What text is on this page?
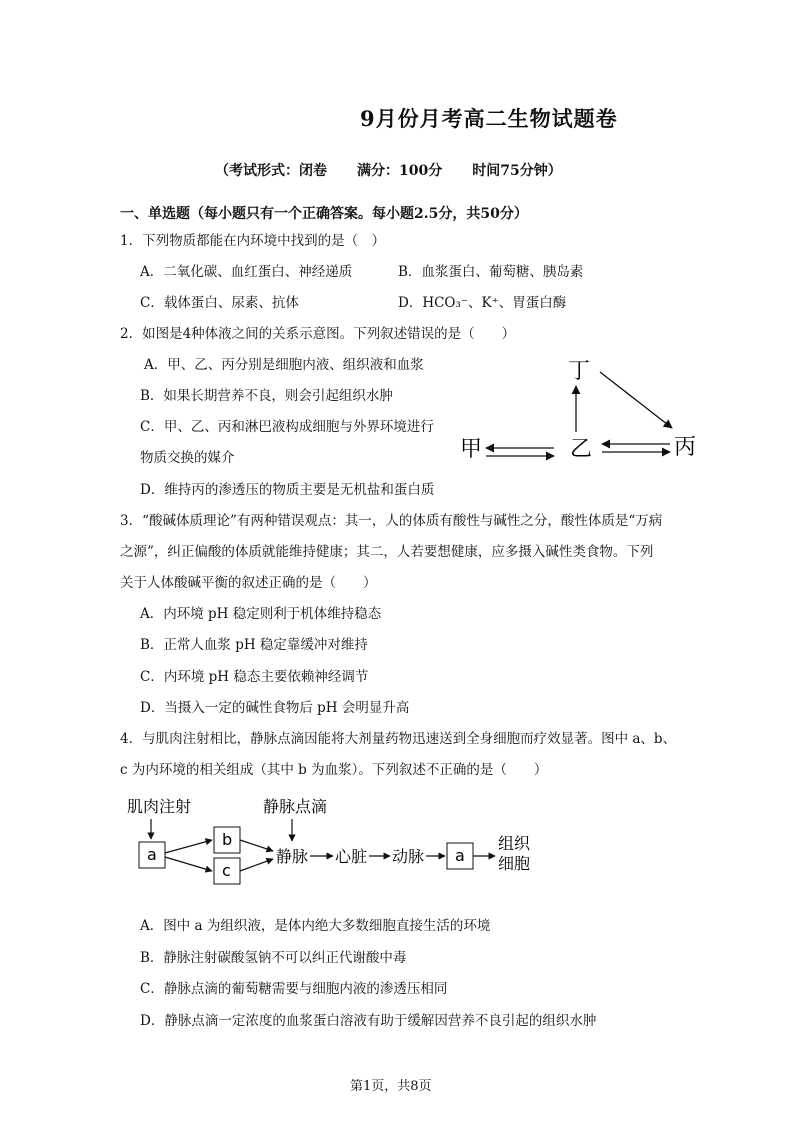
9月份月考高二生物试题卷
（考试形式：闭卷 满分：100分 时间75分钟）
一、单选题（每小题只有一个正确答案。每小题2.5分，共50分）
1．下列物质都能在内环境中找到的是（　）
A．二氧化碳、血红蛋白、神经递质	B．血浆蛋白、葡萄糖、胰岛素
C．载体蛋白、尿素、抗体	D．HCO₃⁻、K⁺、胃蛋白酶
2．如图是4种体液之间的关系示意图。下列叙述错误的是（　　）
A．甲、乙、丙分别是细胞内液、组织液和血浆
B．如果长期营养不良，则会引起组织水肿
C．甲、乙、丙和淋巴液构成细胞与外界环境进行
物质交换的媒介
D．维持丙的渗透压的物质主要是无机盐和蛋白质
丁
甲	乙	丙
3．“酸碱体质理论”有两种错误观点：其一，人的体质有酸性与碱性之分，酸性体质是“万病
之源”，纠正偏酸的体质就能维持健康；其二，人若要想健康，应多摄入碱性类食物。下列
关于人体酸碱平衡的叙述正确的是（　　）
A．内环境 pH 稳定则利于机体维持稳态
B．正常人血浆 pH 稳定靠缓冲对维持
C．内环境 pH 稳态主要依赖神经调节
D．当摄入一定的碱性食物后 pH 会明显升高
4．与肌肉注射相比，静脉点滴因能将大剂量药物迅速送到全身细胞而疗效显著。图中 a、b、
c 为内环境的相关组成（其中 b 为血浆）。下列叙述不正确的是（　　）
肌肉注射	静脉点滴
a
b
c
静脉 心脏 动脉 a
组织
细胞
A．图中 a 为组织液，是体内绝大多数细胞直接生活的环境
B．静脉注射碳酸氢钠不可以纠正代谢酸中毒
C．静脉点滴的葡萄糖需要与细胞内液的渗透压相同
D．静脉点滴一定浓度的血浆蛋白溶液有助于缓解因营养不良引起的组织水肿
第1页，共8页
